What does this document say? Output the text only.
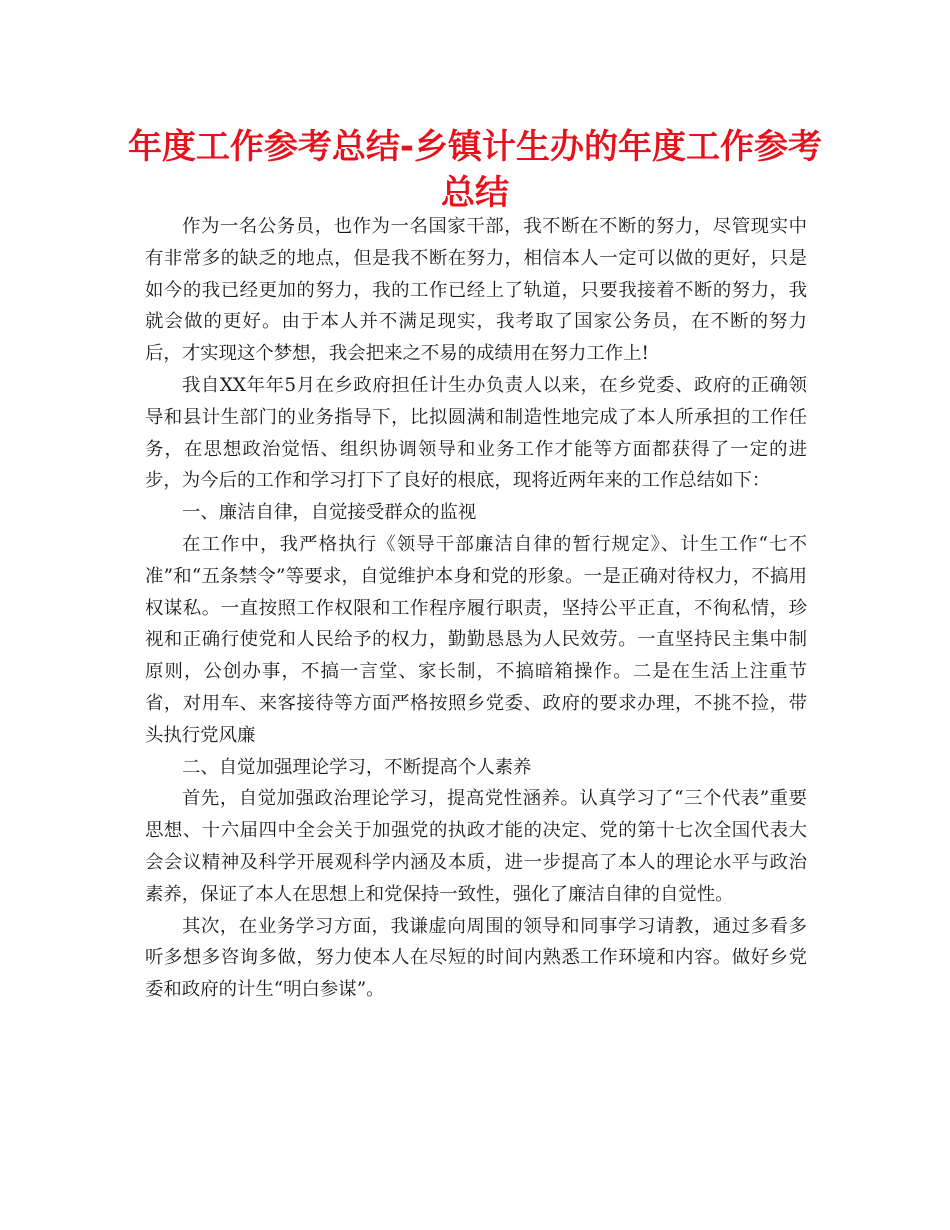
年度工作参考总结-乡镇计生办的年度工作参考
总结

作为一名公务员，也作为一名国家干部，我不断在不断的努力，尽管现实中有非常多的缺乏的地点，但是我不断在努力，相信本人一定可以做的更好，只是如今的我已经更加的努力，我的工作已经上了轨道，只要我接着不断的努力，我就会做的更好。由于本人并不满足现实，我考取了国家公务员，在不断的努力后，才实现这个梦想，我会把来之不易的成绩用在努力工作上!

我自XX年年5月在乡政府担任计生办负责人以来，在乡党委、政府的正确领导和县计生部门的业务指导下，比拟圆满和制造性地完成了本人所承担的工作任务，在思想政治觉悟、组织协调领导和业务工作才能等方面都获得了一定的进步，为今后的工作和学习打下了良好的根底，现将近两年来的工作总结如下：

一、廉洁自律，自觉接受群众的监视

在工作中，我严格执行《领导干部廉洁自律的暂行规定》、计生工作“七不准”和“五条禁令”等要求，自觉维护本身和党的形象。一是正确对待权力，不搞用权谋私。一直按照工作权限和工作程序履行职责，坚持公平正直，不徇私情，珍视和正确行使党和人民给予的权力，勤勤恳恳为人民效劳。一直坚持民主集中制原则，公创办事，不搞一言堂、家长制，不搞暗箱操作。二是在生活上注重节省，对用车、来客接待等方面严格按照乡党委、政府的要求办理，不挑不捡，带头执行党风廉

二、自觉加强理论学习，不断提高个人素养

首先，自觉加强政治理论学习，提高党性涵养。认真学习了“三个代表”重要思想、十六届四中全会关于加强党的执政才能的决定、党的第十七次全国代表大会会议精神及科学开展观科学内涵及本质，进一步提高了本人的理论水平与政治素养，保证了本人在思想上和党保持一致性，强化了廉洁自律的自觉性。

其次，在业务学习方面，我谦虚向周围的领导和同事学习请教，通过多看多听多想多咨询多做，努力使本人在尽短的时间内熟悉工作环境和内容。做好乡党委和政府的计生“明白参谋”。
